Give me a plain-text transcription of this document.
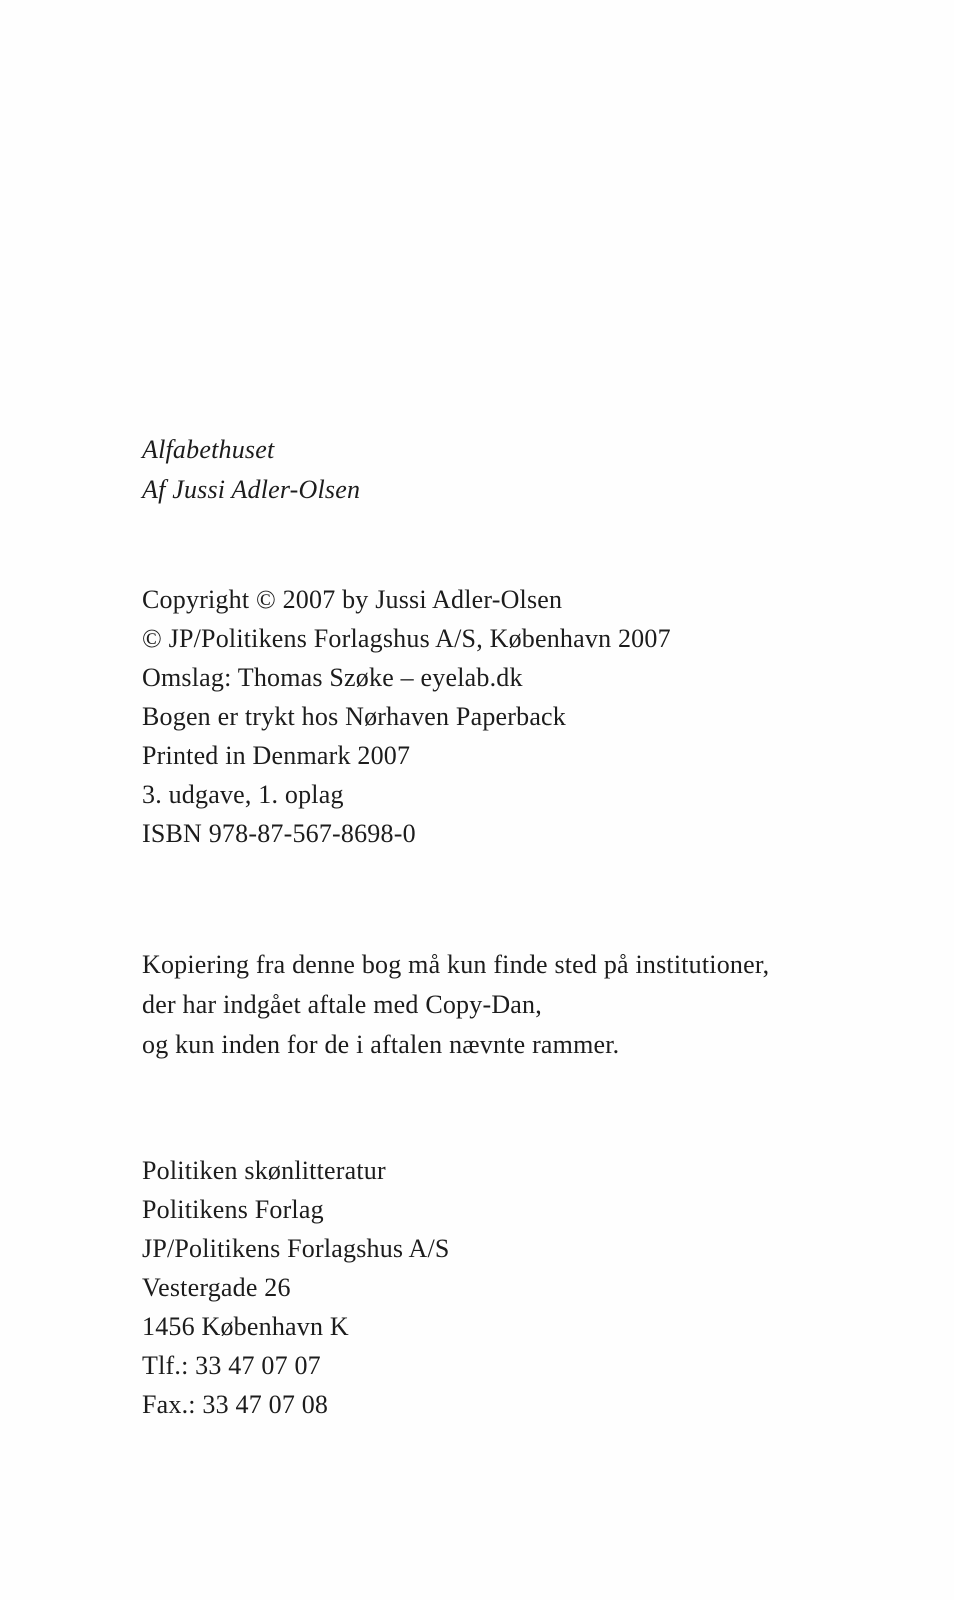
Alfabethuset
Af Jussi Adler-Olsen
Copyright © 2007 by Jussi Adler-Olsen
© JP/Politikens Forlagshus A/S, København 2007
Omslag: Thomas Szøke – eyelab.dk
Bogen er trykt hos Nørhaven Paperback
Printed in Denmark 2007
3. udgave, 1. oplag
ISBN 978-87-567-8698-0
Kopiering fra denne bog må kun finde sted på institutioner,
der har indgået aftale med Copy-Dan,
og kun inden for de i aftalen nævnte rammer.
Politiken skønlitteratur
Politikens Forlag
JP/Politikens Forlagshus A/S
Vestergade 26
1456 København K
Tlf.: 33 47 07 07
Fax.: 33 47 07 08
